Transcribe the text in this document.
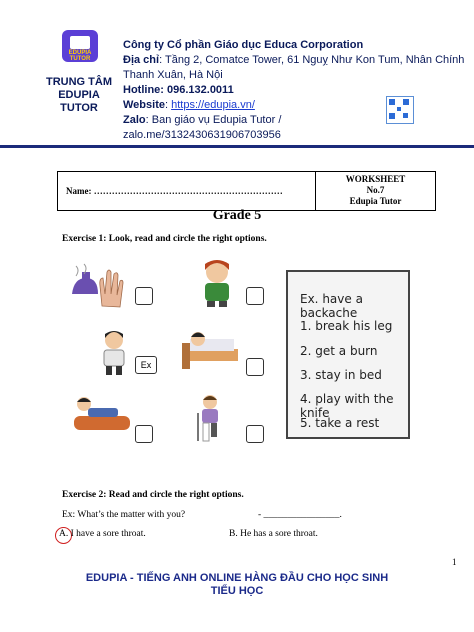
EDUPIA TUTOR
TRUNG TÂM
EDUPIA
TUTOR
Công ty Cổ phần Giáo dục Educa Corporation
Địa chỉ: Tầng 2, Comatce Tower, 61 Nguỵ Như Kon Tum, Nhân Chính Thanh Xuân, Hà Nội
Hotline: 096.132.0011
Website: https://edupia.vn/
Zalo: Ban giáo vụ Edupia Tutor /
zalo.me/3132430631906703956
Name: ………………………………………………………
WORKSHEET
No.7
Edupia Tutor
Grade 5
Exercise 1: Look, read and circle the right options.
Ex
Ex. have a backache
1. break his leg
2. get a burn
3. stay in bed
4. play with the knife
5. take a rest
Exercise 2: Read and circle the right options.
Ex: What’s the matter with you?	- ________________.
A. I have a sore throat.	B. He has a sore throat.
1
EDUPIA - TIẾNG ANH ONLINE HÀNG ĐẦU CHO HỌC SINH
TIỂU HỌC
